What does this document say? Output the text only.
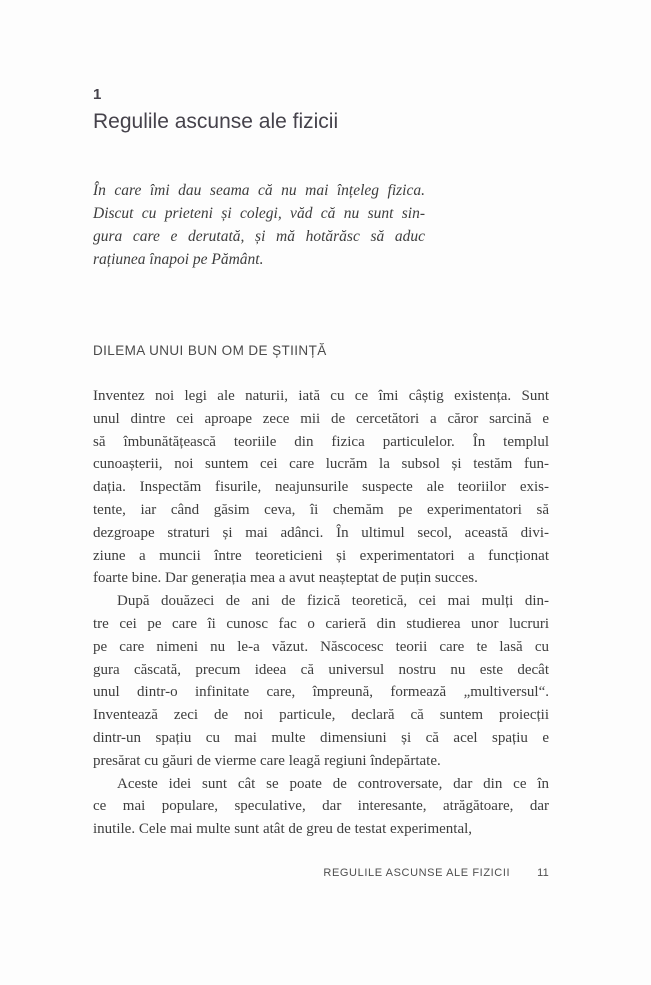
1
Regulile ascunse ale fizicii
În care îmi dau seama că nu mai înțeleg fizica.
Discut cu prieteni și colegi, văd că nu sunt sin-
gura care e derutată, și mă hotărăsc să aduc
rațiunea înapoi pe Pământ.
DILEMA UNUI BUN OM DE ȘTIINȚĂ
Inventez noi legi ale naturii, iată cu ce îmi câștig existența. Sunt
unul dintre cei aproape zece mii de cercetători a căror sarcină e
să îmbunătățească teoriile din fizica particulelor. În templul
cunoașterii, noi suntem cei care lucrăm la subsol și testăm fun-
dația. Inspectăm fisurile, neajunsurile suspecte ale teoriilor exis-
tente, iar când găsim ceva, îi chemăm pe experimentatori să
dezgroape straturi și mai adânci. În ultimul secol, această divi-
ziune a muncii între teoreticieni și experimentatori a funcționat
foarte bine. Dar generația mea a avut neașteptat de puțin succes.
După douăzeci de ani de fizică teoretică, cei mai mulți din-
tre cei pe care îi cunosc fac o carieră din studierea unor lucruri
pe care nimeni nu le-a văzut. Născocesc teorii care te lasă cu
gura căscată, precum ideea că universul nostru nu este decât
unul dintr-o infinitate care, împreună, formează „multiversul“.
Inventează zeci de noi particule, declară că suntem proiecții
dintr-un spațiu cu mai multe dimensiuni și că acel spațiu e
presărat cu găuri de vierme care leagă regiuni îndepărtate.
Aceste idei sunt cât se poate de controversate, dar din ce în
ce mai populare, speculative, dar interesante, atrăgătoare, dar
inutile. Cele mai multe sunt atât de greu de testat experimental,
REGULILE ASCUNSE ALE FIZICII 11
